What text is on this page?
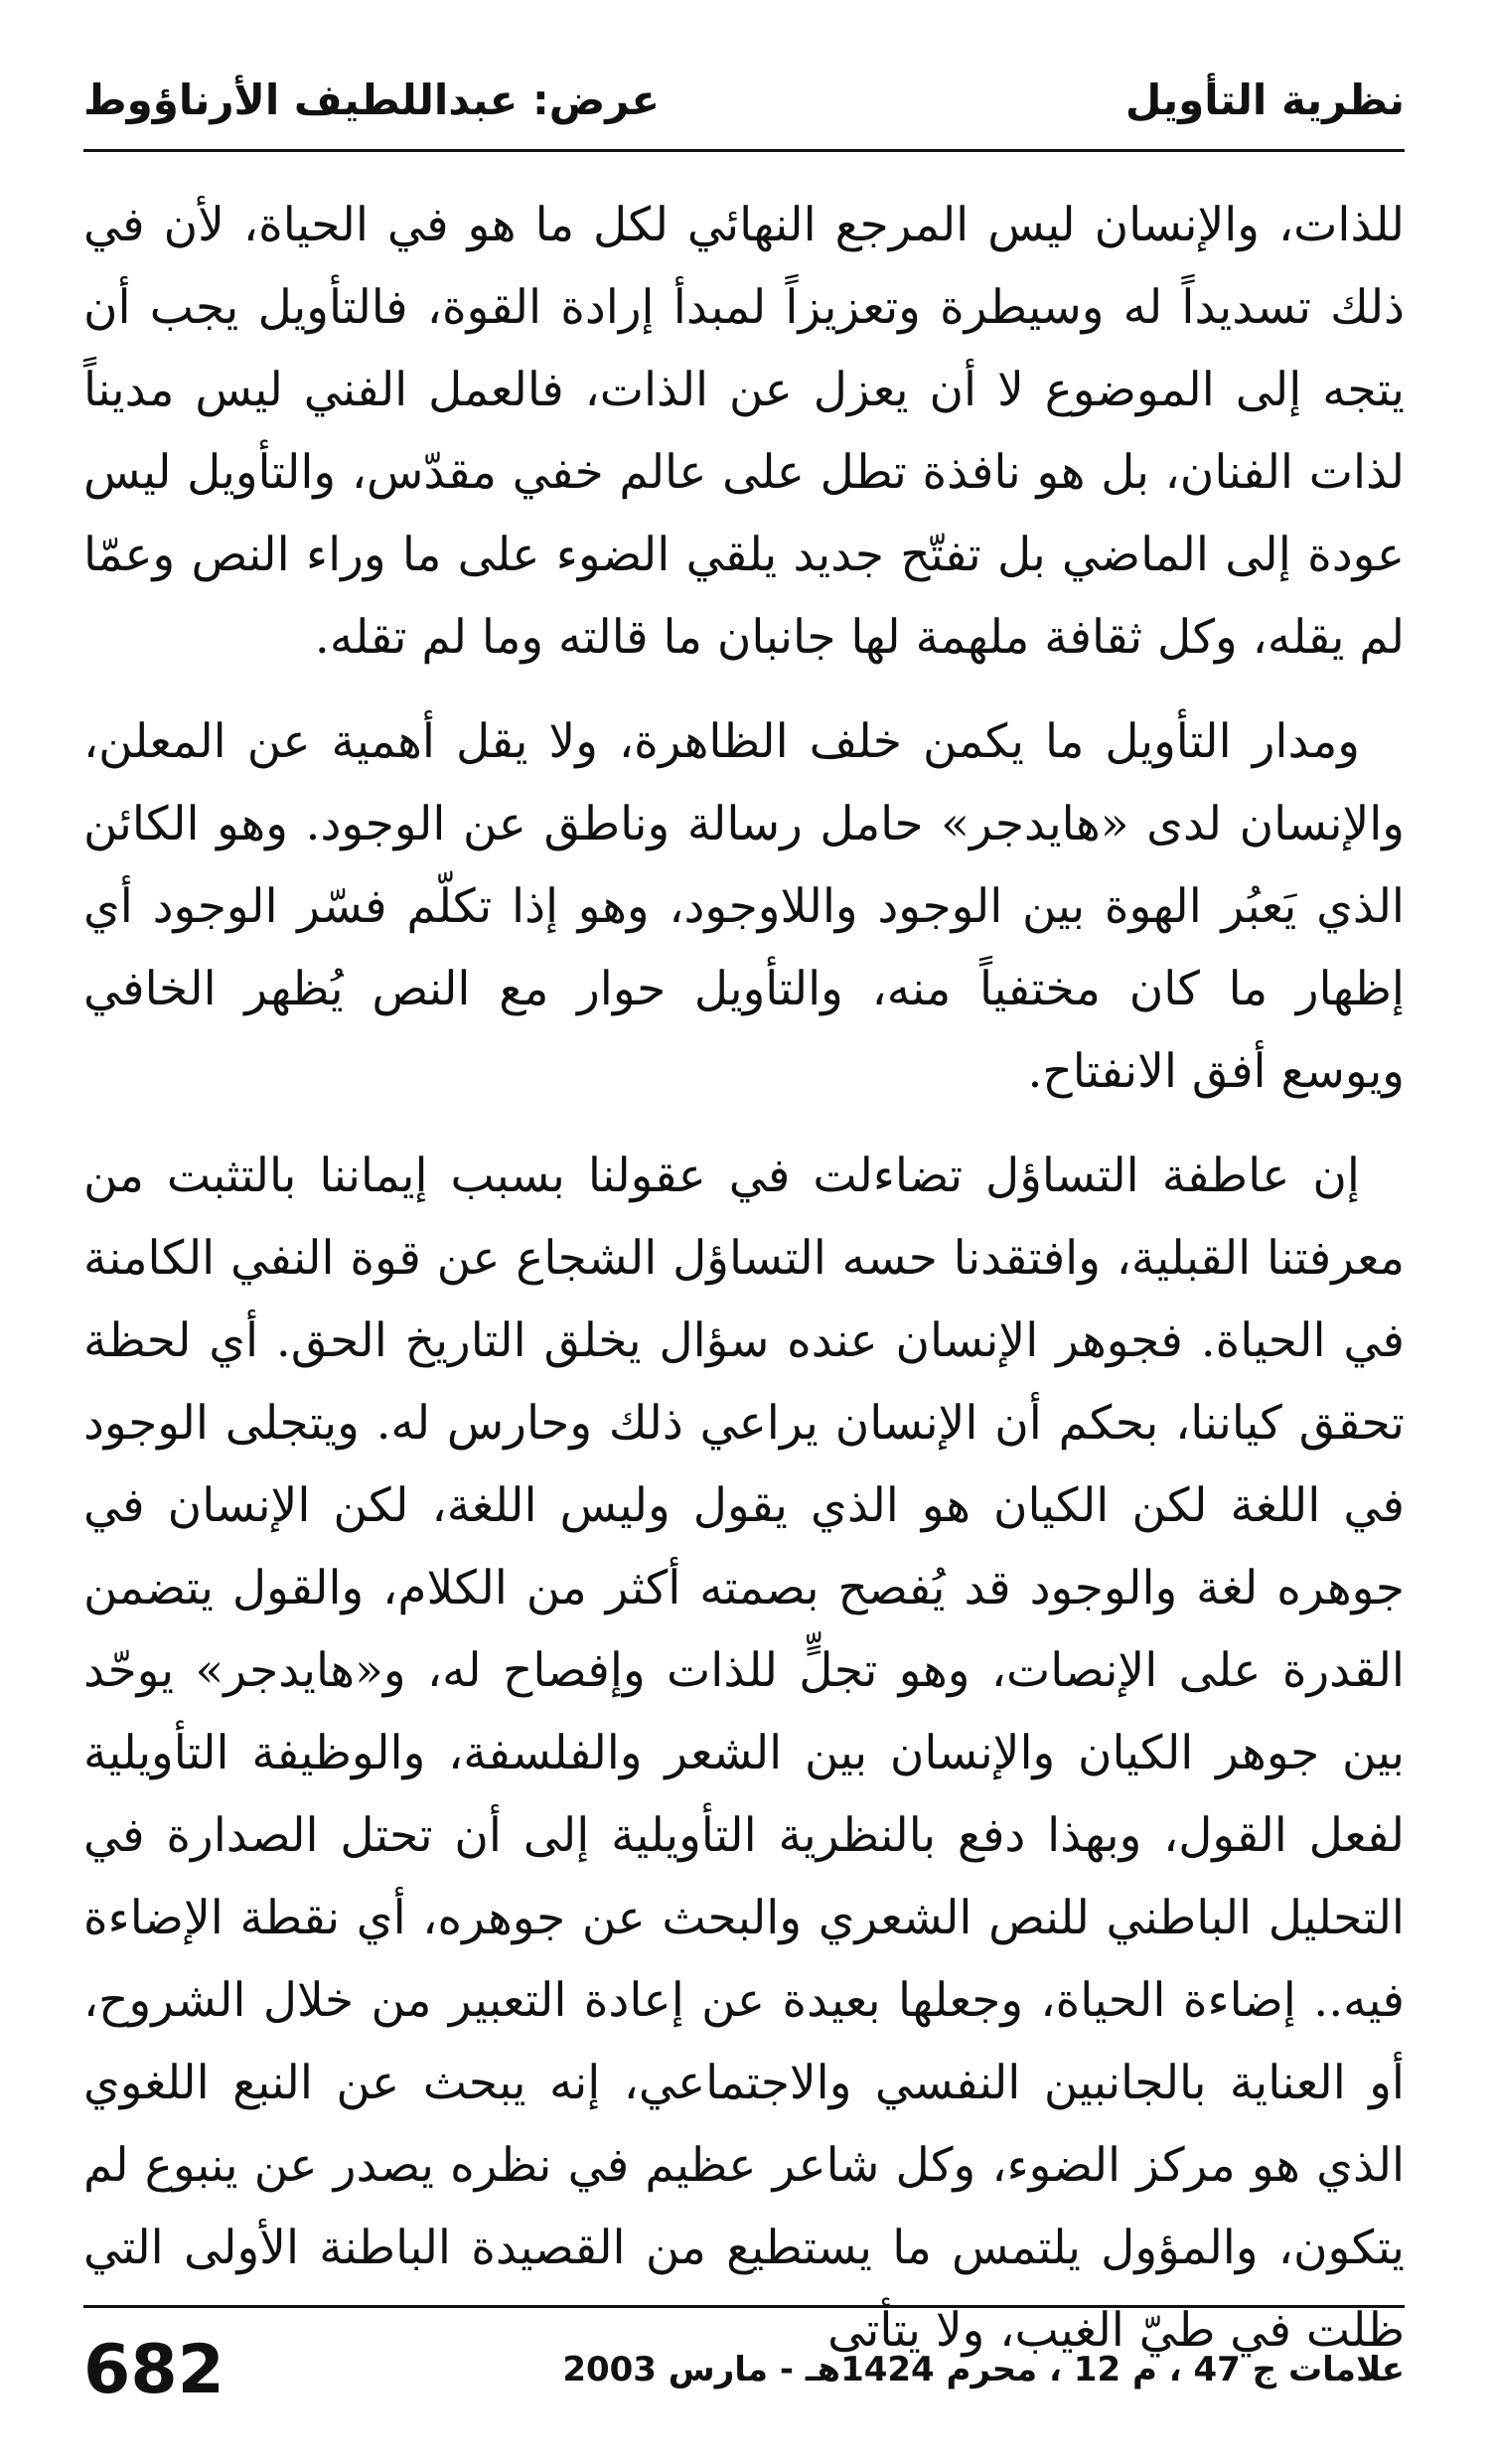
نظرية التأويل
عرض: عبداللطيف الأرناؤوط

للذات، والإنسان ليس المرجع النهائي لكل ما هو في الحياة، لأن في ذلك تسديداً له وسيطرة وتعزيزاً لمبدأ إرادة القوة، فالتأويل يجب أن يتجه إلى الموضوع لا أن يعزل عن الذات، فالعمل الفني ليس مديناً لذات الفنان، بل هو نافذة تطل على عالم خفي مقدّس، والتأويل ليس عودة إلى الماضي بل تفتّح جديد يلقي الضوء على ما وراء النص وعمّا لم يقله، وكل ثقافة ملهمة لها جانبان ما قالته وما لم تقله.

ومدار التأويل ما يكمن خلف الظاهرة، ولا يقل أهمية عن المعلن، والإنسان لدى «هايدجر» حامل رسالة وناطق عن الوجود. وهو الكائن الذي يَعبُر الهوة بين الوجود واللاوجود، وهو إذا تكلّم فسّر الوجود أي إظهار ما كان مختفياً منه، والتأويل حوار مع النص يُظهر الخافي ويوسع أفق الانفتاح.

إن عاطفة التساؤل تضاءلت في عقولنا بسبب إيماننا بالتثبت من معرفتنا القبلية، وافتقدنا حسه التساؤل الشجاع عن قوة النفي الكامنة في الحياة. فجوهر الإنسان عنده سؤال يخلق التاريخ الحق. أي لحظة تحقق كياننا، بحكم أن الإنسان يراعي ذلك وحارس له. ويتجلى الوجود في اللغة لكن الكيان هو الذي يقول وليس اللغة، لكن الإنسان في جوهره لغة والوجود قد يُفصح بصمته أكثر من الكلام، والقول يتضمن القدرة على الإنصات، وهو تجلٍّ للذات وإفصاح له، و«هايدجر» يوحّد بين جوهر الكيان والإنسان بين الشعر والفلسفة، والوظيفة التأويلية لفعل القول، وبهذا دفع بالنظرية التأويلية إلى أن تحتل الصدارة في التحليل الباطني للنص الشعري والبحث عن جوهره، أي نقطة الإضاءة فيه.. إضاءة الحياة، وجعلها بعيدة عن إعادة التعبير من خلال الشروح، أو العناية بالجانبين النفسي والاجتماعي، إنه يبحث عن النبع اللغوي الذي هو مركز الضوء، وكل شاعر عظيم في نظره يصدر عن ينبوع لم يتكون، والمؤول يلتمس ما يستطيع من القصيدة الباطنة الأولى التي ظلت في طيّ الغيب، ولا يتأتى

علامات ج 47 ، م 12 ، محرم 1424هـ - مارس 2003
682
